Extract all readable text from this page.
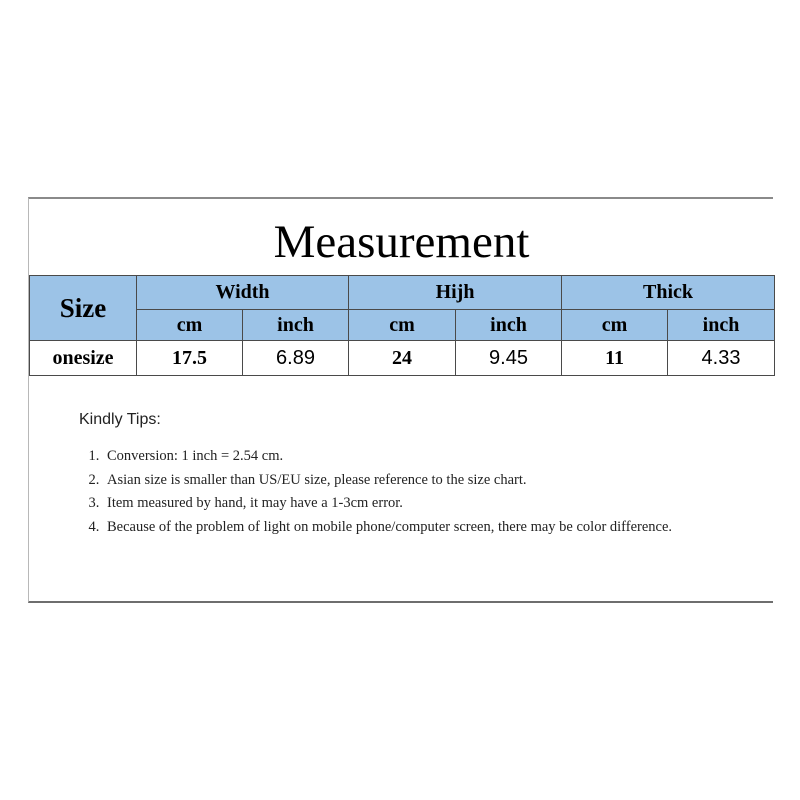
Measurement
Size	Width		Hijh		Thick	
	cm	inch	cm	inch	cm	inch
onesize	17.5	6.89	24	9.45	11	4.33
Kindly Tips:
1. Conversion: 1 inch = 2.54 cm.
2. Asian size is smaller than US/EU size, please reference to the size chart.
3. Item measured by hand, it may have a 1-3cm error.
4. Because of the problem of light on mobile phone/computer screen, there may be color difference.
